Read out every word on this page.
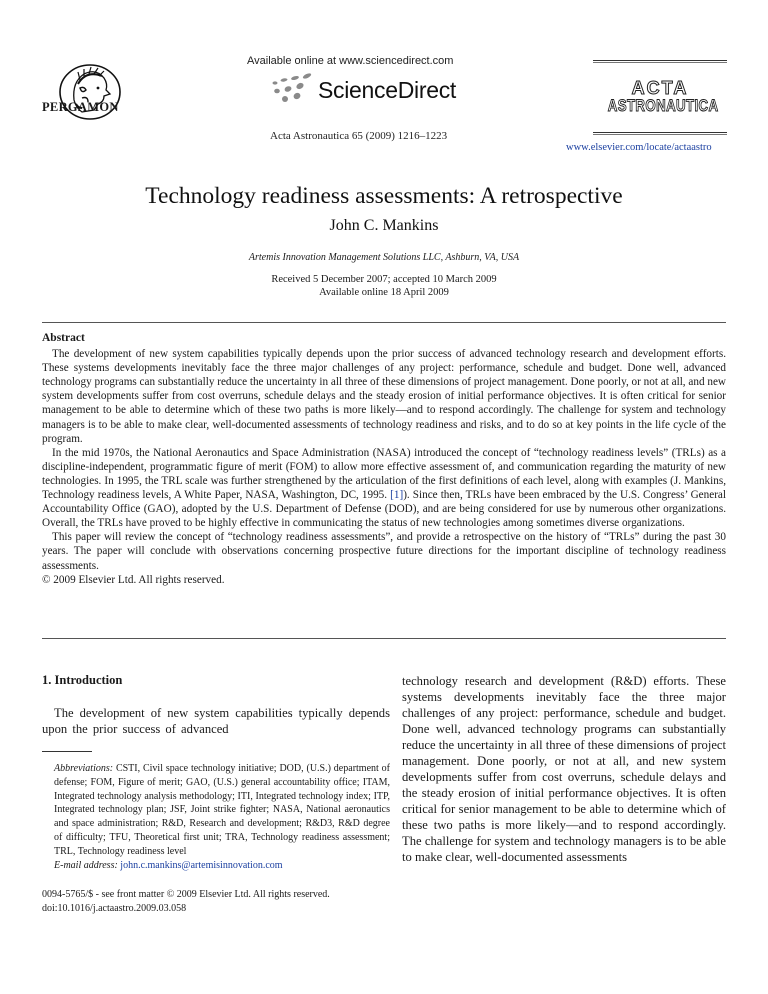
PERGAMON
Available online at www.sciencedirect.com
ScienceDirect
Acta Astronautica 65 (2009) 1216–1223
ACTA
ASTRONAUTICA
www.elsevier.com/locate/actaastro
Technology readiness assessments: A retrospective
John C. Mankins
Artemis Innovation Management Solutions LLC, Ashburn, VA, USA
Received 5 December 2007; accepted 10 March 2009
Available online 18 April 2009
Abstract

The development of new system capabilities typically depends upon the prior success of advanced technology research and development efforts. These systems developments inevitably face the three major challenges of any project: performance, schedule and budget. Done well, advanced technology programs can substantially reduce the uncertainty in all three of these dimensions of project management. Done poorly, or not at all, and new system developments suffer from cost overruns, schedule delays and the steady erosion of initial performance objectives. It is often critical for senior management to be able to determine which of these two paths is more likely—and to respond accordingly. The challenge for system and technology managers is to be able to make clear, well-documented assessments of technology readiness and risks, and to do so at key points in the life cycle of the program.

In the mid 1970s, the National Aeronautics and Space Administration (NASA) introduced the concept of “technology readiness levels” (TRLs) as a discipline-independent, programmatic figure of merit (FOM) to allow more effective assessment of, and communication regarding the maturity of new technologies. In 1995, the TRL scale was further strengthened by the articulation of the first definitions of each level, along with examples (J. Mankins, Technology readiness levels, A White Paper, NASA, Washington, DC, 1995. [1]). Since then, TRLs have been embraced by the U.S. Congress’ General Accountability Office (GAO), adopted by the U.S. Department of Defense (DOD), and are being considered for use by numerous other organizations. Overall, the TRLs have proved to be highly effective in communicating the status of new technologies among sometimes diverse organizations.

This paper will review the concept of “technology readiness assessments”, and provide a retrospective on the history of “TRLs” during the past 30 years. The paper will conclude with observations concerning prospective future directions for the important discipline of technology readiness assessments.

© 2009 Elsevier Ltd. All rights reserved.

1. Introduction

The development of new system capabilities typically depends upon the prior success of advanced

Abbreviations: CSTI, Civil space technology initiative; DOD, (U.S.) department of defense; FOM, Figure of merit; GAO, (U.S.) general accountability office; ITAM, Integrated technology analysis methodology; ITI, Integrated technology index; ITP, Integrated technology plan; JSF, Joint strike fighter; NASA, National aeronautics and space administration; R&D, Research and development; R&D3, R&D degree of difficulty; TFU, Theoretical first unit; TRA, Technology readiness assessment; TRL, Technology readiness level

E-mail address: john.c.mankins@artemisinnovation.com

0094-5765/$ - see front matter © 2009 Elsevier Ltd. All rights reserved.
doi:10.1016/j.actaastro.2009.03.058

technology research and development (R&D) efforts. These systems developments inevitably face the three major challenges of any project: performance, schedule and budget. Done well, advanced technology programs can substantially reduce the uncertainty in all three of these dimensions of project management. Done poorly, or not at all, and new system developments suffer from cost overruns, schedule delays and the steady erosion of initial performance objectives. It is often critical for senior management to be able to determine which of these two paths is more likely—and to respond accordingly. The challenge for system and technology managers is to be able to make clear, well-documented assessments
